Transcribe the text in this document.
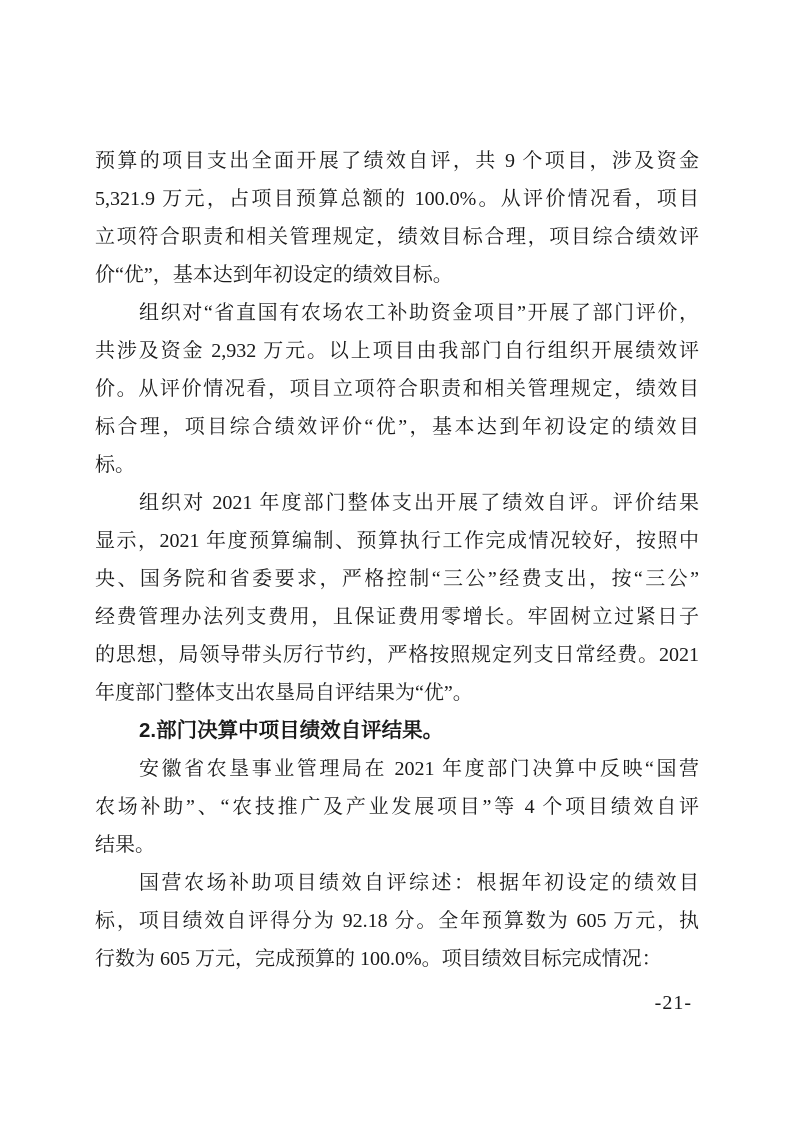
预算的项目支出全面开展了绩效自评，共 9 个项目，涉及资金
5,321.9 万元，占项目预算总额的 100.0%。从评价情况看，项目
立项符合职责和相关管理规定，绩效目标合理，项目综合绩效评
价“优”，基本达到年初设定的绩效目标。
组织对“省直国有农场农工补助资金项目”开展了部门评价，
共涉及资金 2,932 万元。以上项目由我部门自行组织开展绩效评
价。从评价情况看，项目立项符合职责和相关管理规定，绩效目
标合理，项目综合绩效评价“优”，基本达到年初设定的绩效目
标。
组织对 2021 年度部门整体支出开展了绩效自评。评价结果
显示，2021 年度预算编制、预算执行工作完成情况较好，按照中
央、国务院和省委要求，严格控制“三公”经费支出，按“三公”
经费管理办法列支费用，且保证费用零增长。牢固树立过紧日子
的思想，局领导带头厉行节约，严格按照规定列支日常经费。2021
年度部门整体支出农垦局自评结果为“优”。
2.部门决算中项目绩效自评结果。
安徽省农垦事业管理局在 2021 年度部门决算中反映“国营
农场补助”、“农技推广及产业发展项目”等 4 个项目绩效自评
结果。
国营农场补助项目绩效自评综述：根据年初设定的绩效目
标，项目绩效自评得分为 92.18 分。全年预算数为 605 万元，执
行数为 605 万元，完成预算的 100.0%。项目绩效目标完成情况：
-21-
